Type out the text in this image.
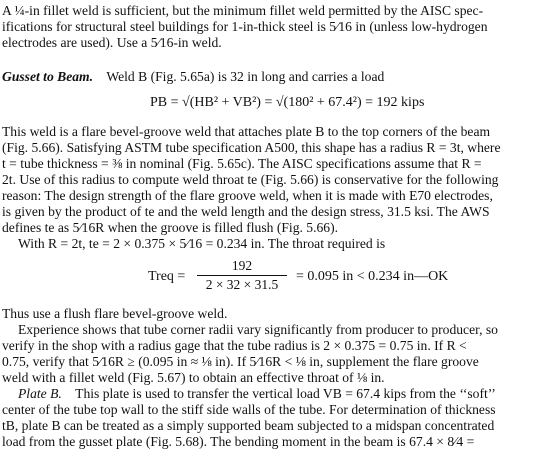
A ¼-in fillet weld is sufficient, but the minimum fillet weld permitted by the AISC spec-
ifications for structural steel buildings for 1-in-thick steel is 5⁄16 in (unless low-hydrogen
electrodes are used). Use a 5⁄16-in weld.
Gusset to Beam. Weld B (Fig. 5.65a) is 32 in long and carries a load
PB = √(HB² + VB²) = √(180² + 67.4²) = 192 kips
This weld is a flare bevel-groove weld that attaches plate B to the top corners of the beam
(Fig. 5.66). Satisfying ASTM tube specification A500, this shape has a radius R = 3t, where
t = tube thickness = ⅜ in nominal (Fig. 5.65c). The AISC specifications assume that R =
2t. Use of this radius to compute weld throat te (Fig. 5.66) is conservative for the following
reason: The design strength of the flare groove weld, when it is made with E70 electrodes,
is given by the product of te and the weld length and the design stress, 31.5 ksi. The AWS
defines te as 5⁄16R when the groove is filled flush (Fig. 5.66).
With R = 2t, te = 2 × 0.375 × 5⁄16 = 0.234 in. The throat required is
Treq =
192
2 × 32 × 31.5
= 0.095 in < 0.234 in—OK
Thus use a flush flare bevel-groove weld.
Experience shows that tube corner radii vary significantly from producer to producer, so
verify in the shop with a radius gage that the tube radius is 2 × 0.375 = 0.75 in. If R <
0.75, verify that 5⁄16R ≥ (0.095 in ≈ ⅛ in). If 5⁄16R < ⅛ in, supplement the flare groove
weld with a fillet weld (Fig. 5.67) to obtain an effective throat of ⅛ in.
Plate B. This plate is used to transfer the vertical load VB = 67.4 kips from the ‘‘soft’’
center of the tube top wall to the stiff side walls of the tube. For determination of thickness
tB, plate B can be treated as a simply supported beam subjected to a midspan concentrated
load from the gusset plate (Fig. 5.68). The bending moment in the beam is 67.4 × 8⁄4 =
